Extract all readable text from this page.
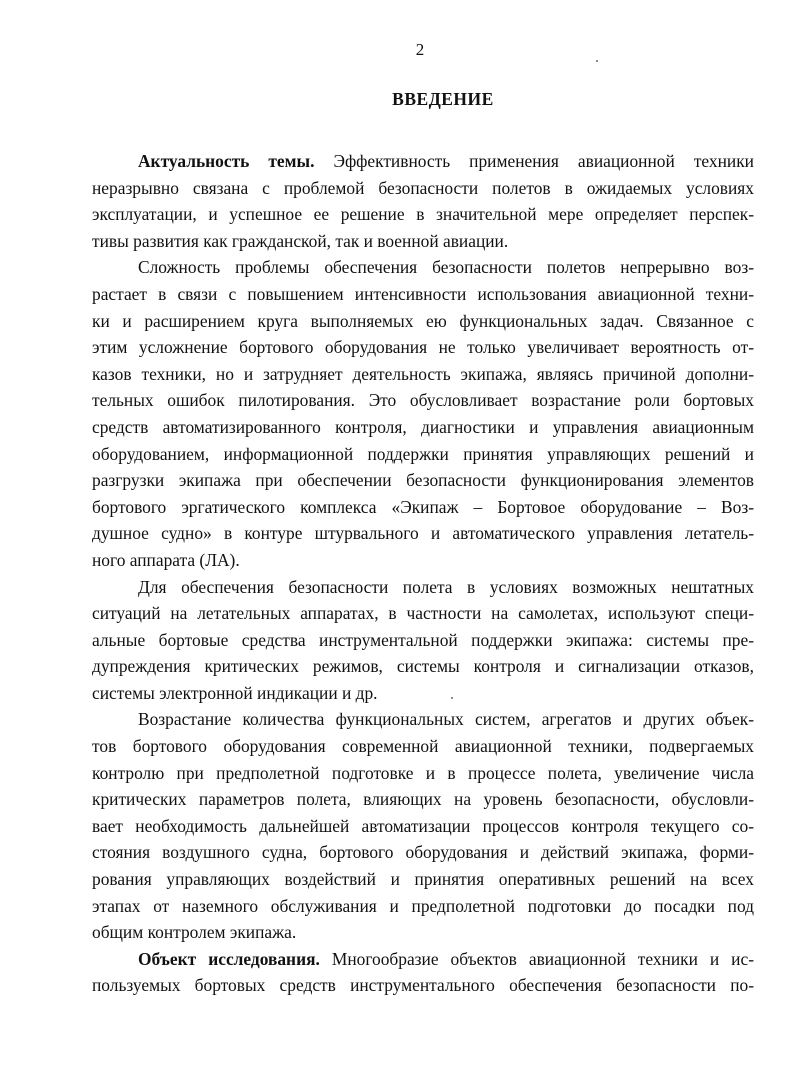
2
ВВЕДЕНИЕ
Актуальность темы. Эффективность применения авиационной техники
неразрывно связана с проблемой безопасности полетов в ожидаемых условиях
эксплуатации, и успешное ее решение в значительной мере определяет перспек-
тивы развития как гражданской, так и военной авиации.
Сложность проблемы обеспечения безопасности полетов непрерывно воз-
растает в связи с повышением интенсивности использования авиационной техни-
ки и расширением круга выполняемых ею функциональных задач. Связанное с
этим усложнение бортового оборудования не только увеличивает вероятность от-
казов техники, но и затрудняет деятельность экипажа, являясь причиной дополни-
тельных ошибок пилотирования. Это обусловливает возрастание роли бортовых
средств автоматизированного контроля, диагностики и управления авиационным
оборудованием, информационной поддержки принятия управляющих решений и
разгрузки экипажа при обеспечении безопасности функционирования элементов
бортового эргатического комплекса «Экипаж – Бортовое оборудование – Воз-
душное судно» в контуре штурвального и автоматического управления летатель-
ного аппарата (ЛА).
Для обеспечения безопасности полета в условиях возможных нештатных
ситуаций на летательных аппаратах, в частности на самолетах, используют специ-
альные бортовые средства инструментальной поддержки экипажа: системы пре-
дупреждения критических режимов, системы контроля и сигнализации отказов,
системы электронной индикации и др.
Возрастание количества функциональных систем, агрегатов и других объек-
тов бортового оборудования современной авиационной техники, подвергаемых
контролю при предполетной подготовке и в процессе полета, увеличение числа
критических параметров полета, влияющих на уровень безопасности, обусловли-
вает необходимость дальнейшей автоматизации процессов контроля текущего со-
стояния воздушного судна, бортового оборудования и действий экипажа, форми-
рования управляющих воздействий и принятия оперативных решений на всех
этапах от наземного обслуживания и предполетной подготовки до посадки под
общим контролем экипажа.
Объект исследования. Многообразие объектов авиационной техники и ис-
пользуемых бортовых средств инструментального обеспечения безопасности по-
